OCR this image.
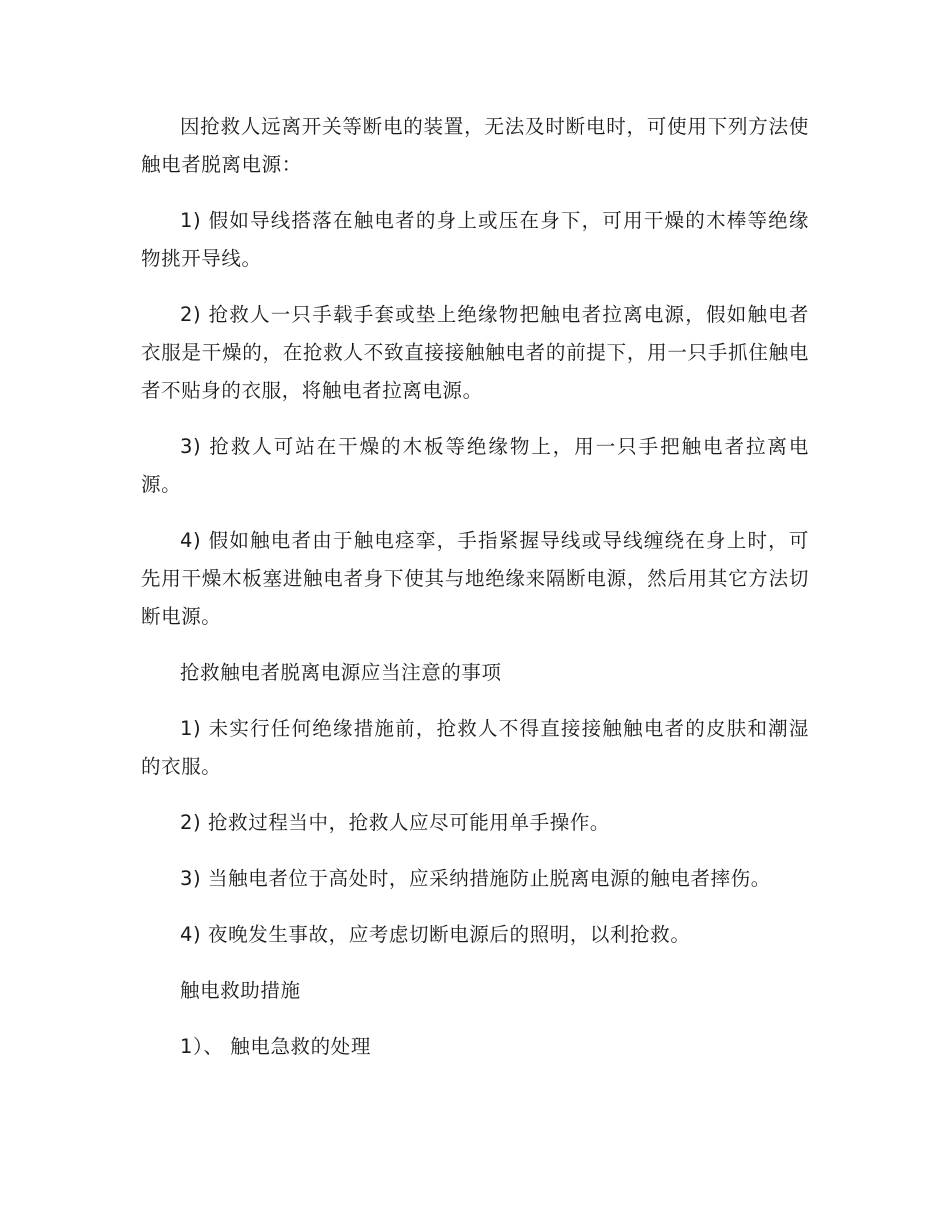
因抢救人远离开关等断电的装置，无法及时断电时，可使用下列方法使触电者脱离电源：

1) 假如导线搭落在触电者的身上或压在身下，可用干燥的木棒等绝缘物挑开导线。

2) 抢救人一只手载手套或垫上绝缘物把触电者拉离电源，假如触电者衣服是干燥的，在抢救人不致直接接触触电者的前提下，用一只手抓住触电者不贴身的衣服，将触电者拉离电源。

3) 抢救人可站在干燥的木板等绝缘物上，用一只手把触电者拉离电源。

4) 假如触电者由于触电痉挛，手指紧握导线或导线缠绕在身上时，可先用干燥木板塞进触电者身下使其与地绝缘来隔断电源，然后用其它方法切断电源。

抢救触电者脱离电源应当注意的事项

1) 未实行任何绝缘措施前，抢救人不得直接接触触电者的皮肤和潮湿的衣服。

2) 抢救过程当中，抢救人应尽可能用单手操作。

3) 当触电者位于高处时，应采纳措施防止脱离电源的触电者摔伤。

4) 夜晚发生事故，应考虑切断电源后的照明，以利抢救。

触电救助措施

1）、 触电急救的处理
